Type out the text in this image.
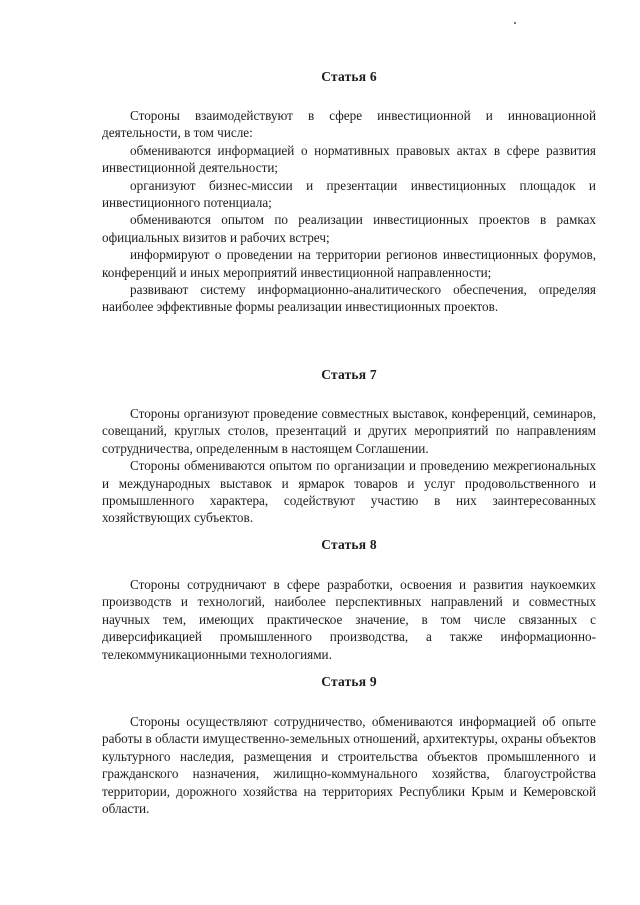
Статья 6

Стороны взаимодействуют в сфере инвестиционной и инновационной деятельности, в том числе:

обмениваются информацией о нормативных правовых актах в сфере развития инвестиционной деятельности;

организуют бизнес-миссии и презентации инвестиционных площадок и инвестиционного потенциала;

обмениваются опытом по реализации инвестиционных проектов в рамках официальных визитов и рабочих встреч;

информируют о проведении на территории регионов инвестиционных форумов, конференций и иных мероприятий инвестиционной направленности;

развивают систему информационно-аналитического обеспечения, определяя наиболее эффективные формы реализации инвестиционных проектов.

Статья 7

Стороны организуют проведение совместных выставок, конференций, семинаров, совещаний, круглых столов, презентаций и других мероприятий по направлениям сотрудничества, определенным в настоящем Соглашении.

Стороны обмениваются опытом по организации и проведению межрегиональных и международных выставок и ярмарок товаров и услуг продовольственного и промышленного характера, содействуют участию в них заинтересованных хозяйствующих субъектов.

Статья 8

Стороны сотрудничают в сфере разработки, освоения и развития наукоемких производств и технологий, наиболее перспективных направлений и совместных научных тем, имеющих практическое значение, в том числе связанных с диверсификацией промышленного производства, а также информационно-телекоммуникационными технологиями.

Статья 9

Стороны осуществляют сотрудничество, обмениваются информацией об опыте работы в области имущественно-земельных отношений, архитектуры, охраны объектов культурного наследия, размещения и строительства объектов промышленного и гражданского назначения, жилищно-коммунального хозяйства, благоустройства территории, дорожного хозяйства на территориях Республики Крым и Кемеровской области.
